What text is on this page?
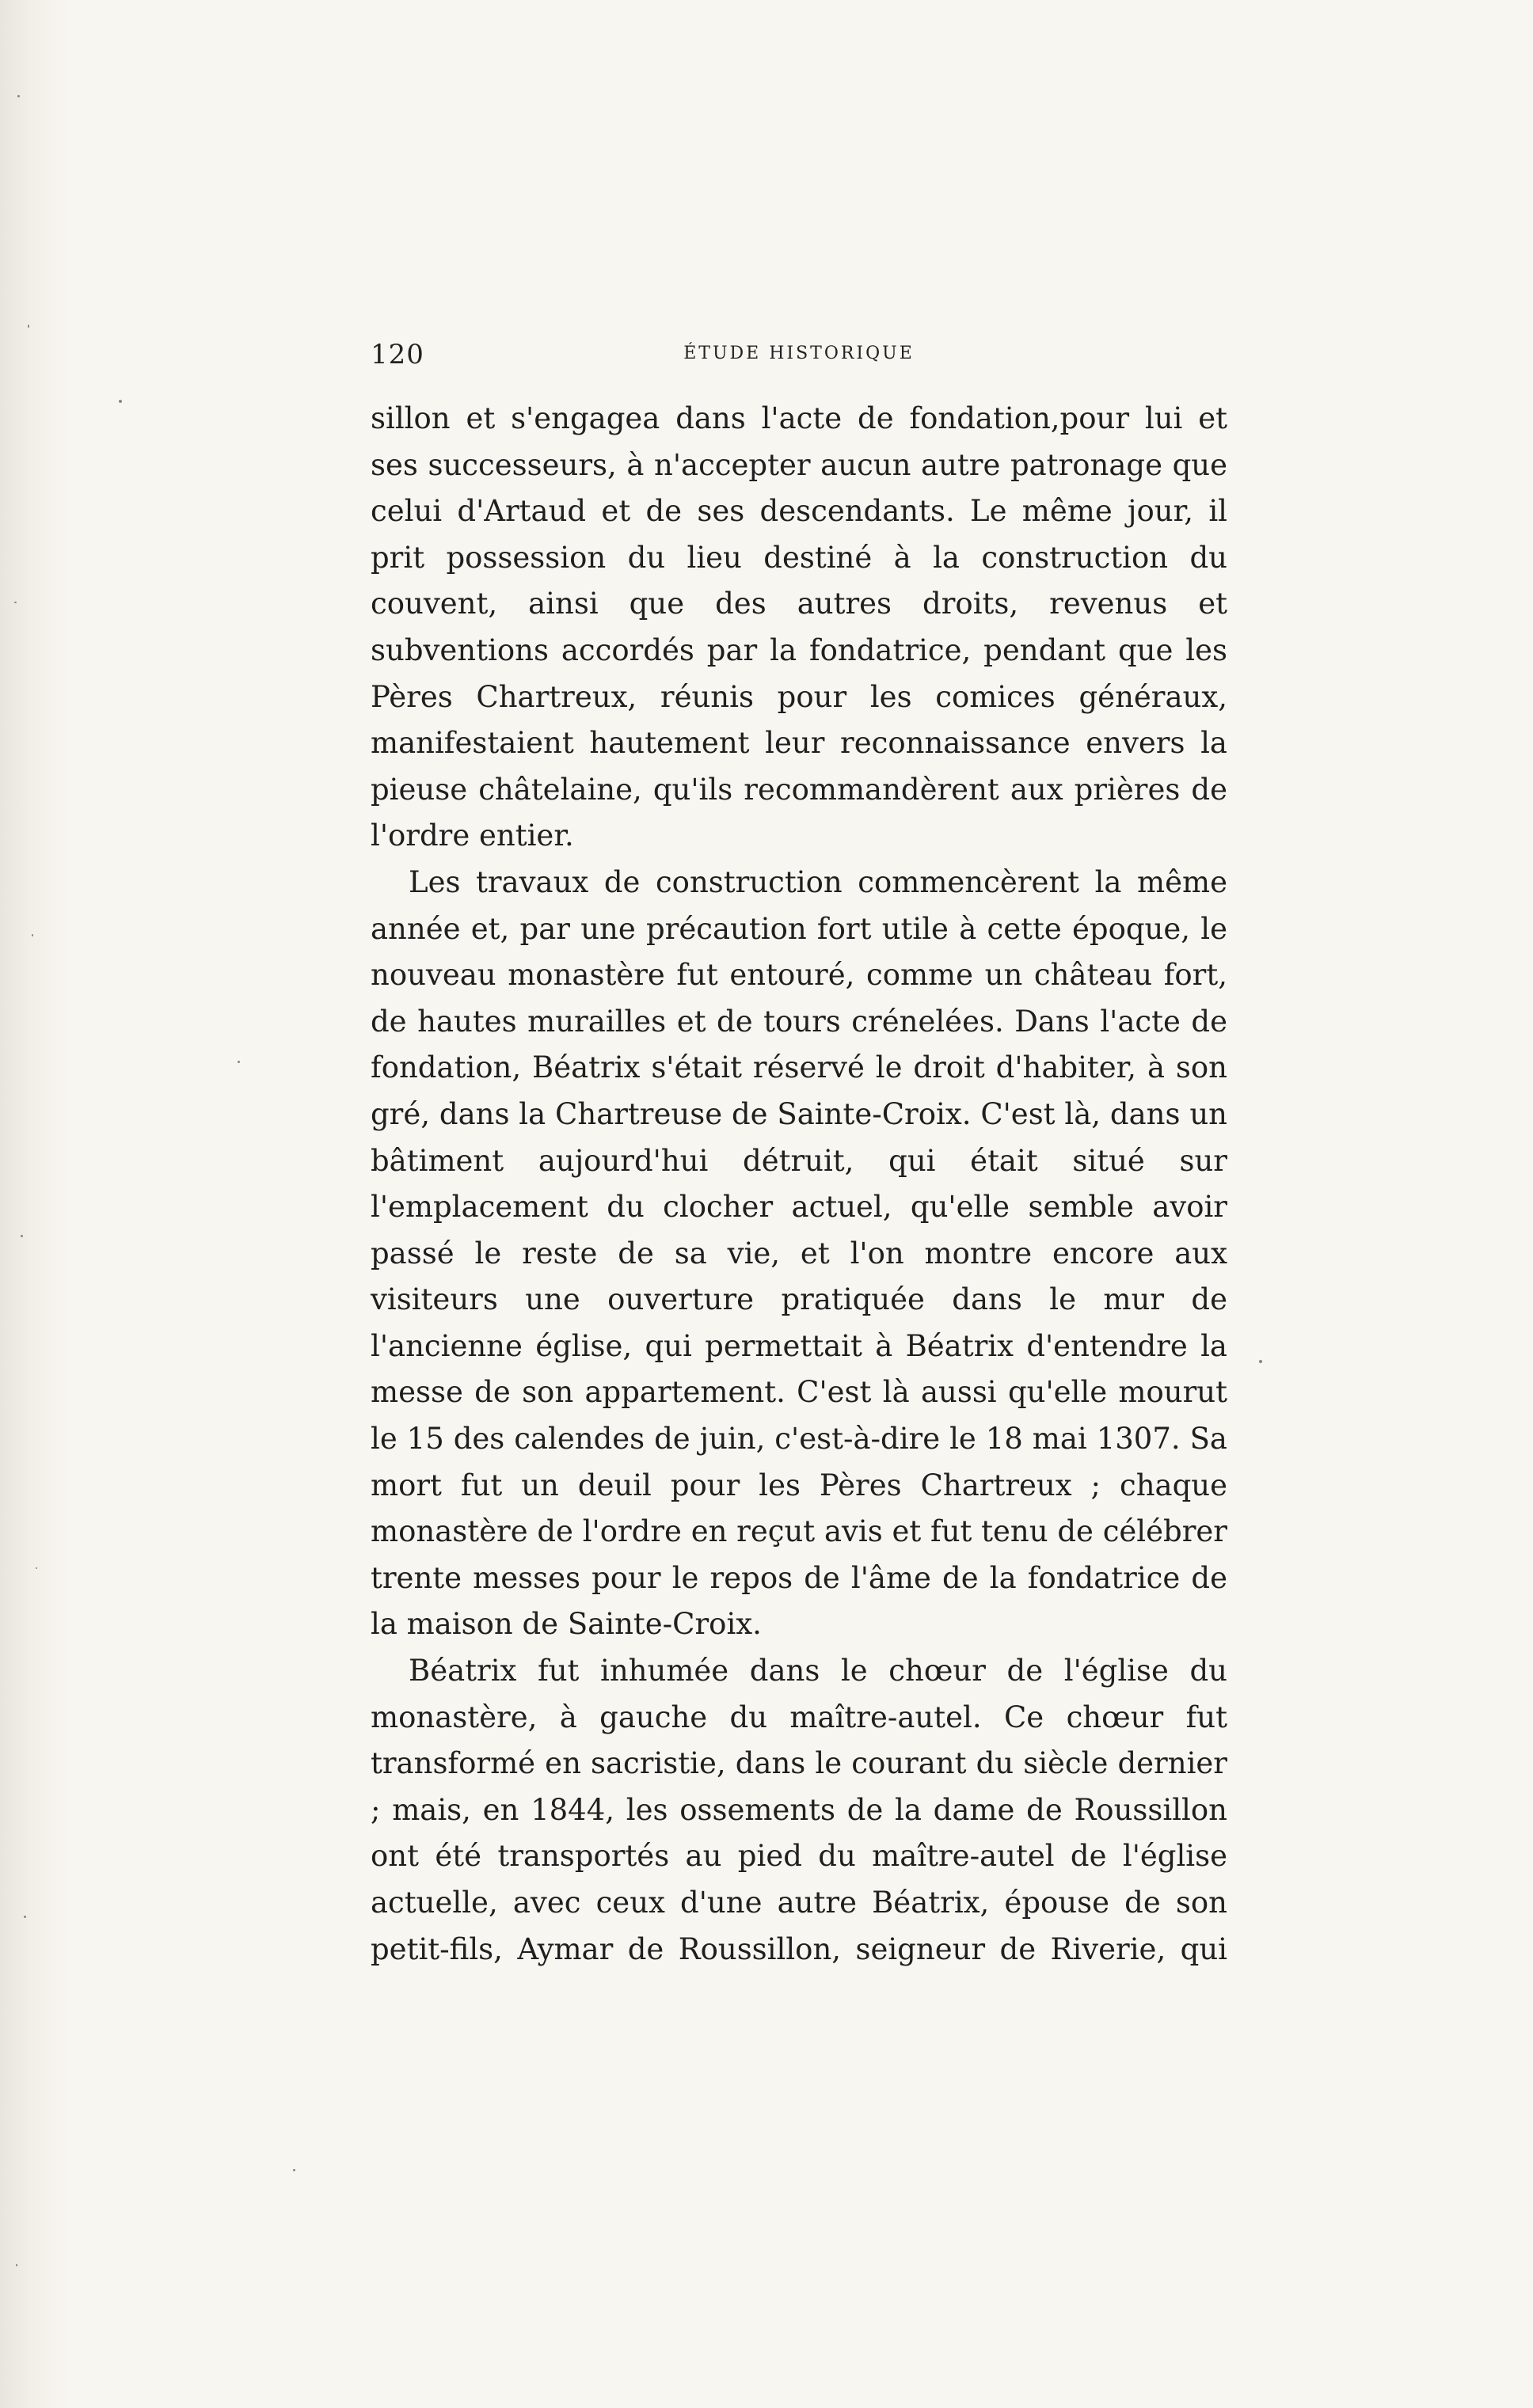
120	ÉTUDE HISTORIQUE

sillon et s'engagea dans l'acte de fondation,pour lui et ses successeurs, à n'accepter aucun autre patronage que celui d'Artaud et de ses descendants. Le même jour, il prit possession du lieu destiné à la construction du couvent, ainsi que des autres droits, revenus et subventions accordés par la fondatrice, pendant que les Pères Chartreux, réunis pour les comices généraux, manifestaient hautement leur reconnaissance envers la pieuse châtelaine, qu'ils recommandèrent aux prières de l'ordre entier.

Les travaux de construction commencèrent la même année et, par une précaution fort utile à cette époque, le nouveau monastère fut entouré, comme un château fort, de hautes murailles et de tours crénelées. Dans l'acte de fondation, Béatrix s'était réservé le droit d'habiter, à son gré, dans la Chartreuse de Sainte-Croix. C'est là, dans un bâtiment aujourd'hui détruit, qui était situé sur l'emplacement du clocher actuel, qu'elle semble avoir passé le reste de sa vie, et l'on montre encore aux visiteurs une ouverture pratiquée dans le mur de l'ancienne église, qui permettait à Béatrix d'entendre la messe de son appartement. C'est là aussi qu'elle mourut le 15 des calendes de juin, c'est-à-dire le 18 mai 1307. Sa mort fut un deuil pour les Pères Chartreux ; chaque monastère de l'ordre en reçut avis et fut tenu de célébrer trente messes pour le repos de l'âme de la fondatrice de la maison de Sainte-Croix.

Béatrix fut inhumée dans le chœur de l'église du monastère, à gauche du maître-autel. Ce chœur fut transformé en sacristie, dans le courant du siècle dernier ; mais, en 1844, les ossements de la dame de Roussillon ont été transportés au pied du maître-autel de l'église actuelle, avec ceux d'une autre Béatrix, épouse de son petit-fils, Aymar de Roussillon, seigneur de Riverie, qui
